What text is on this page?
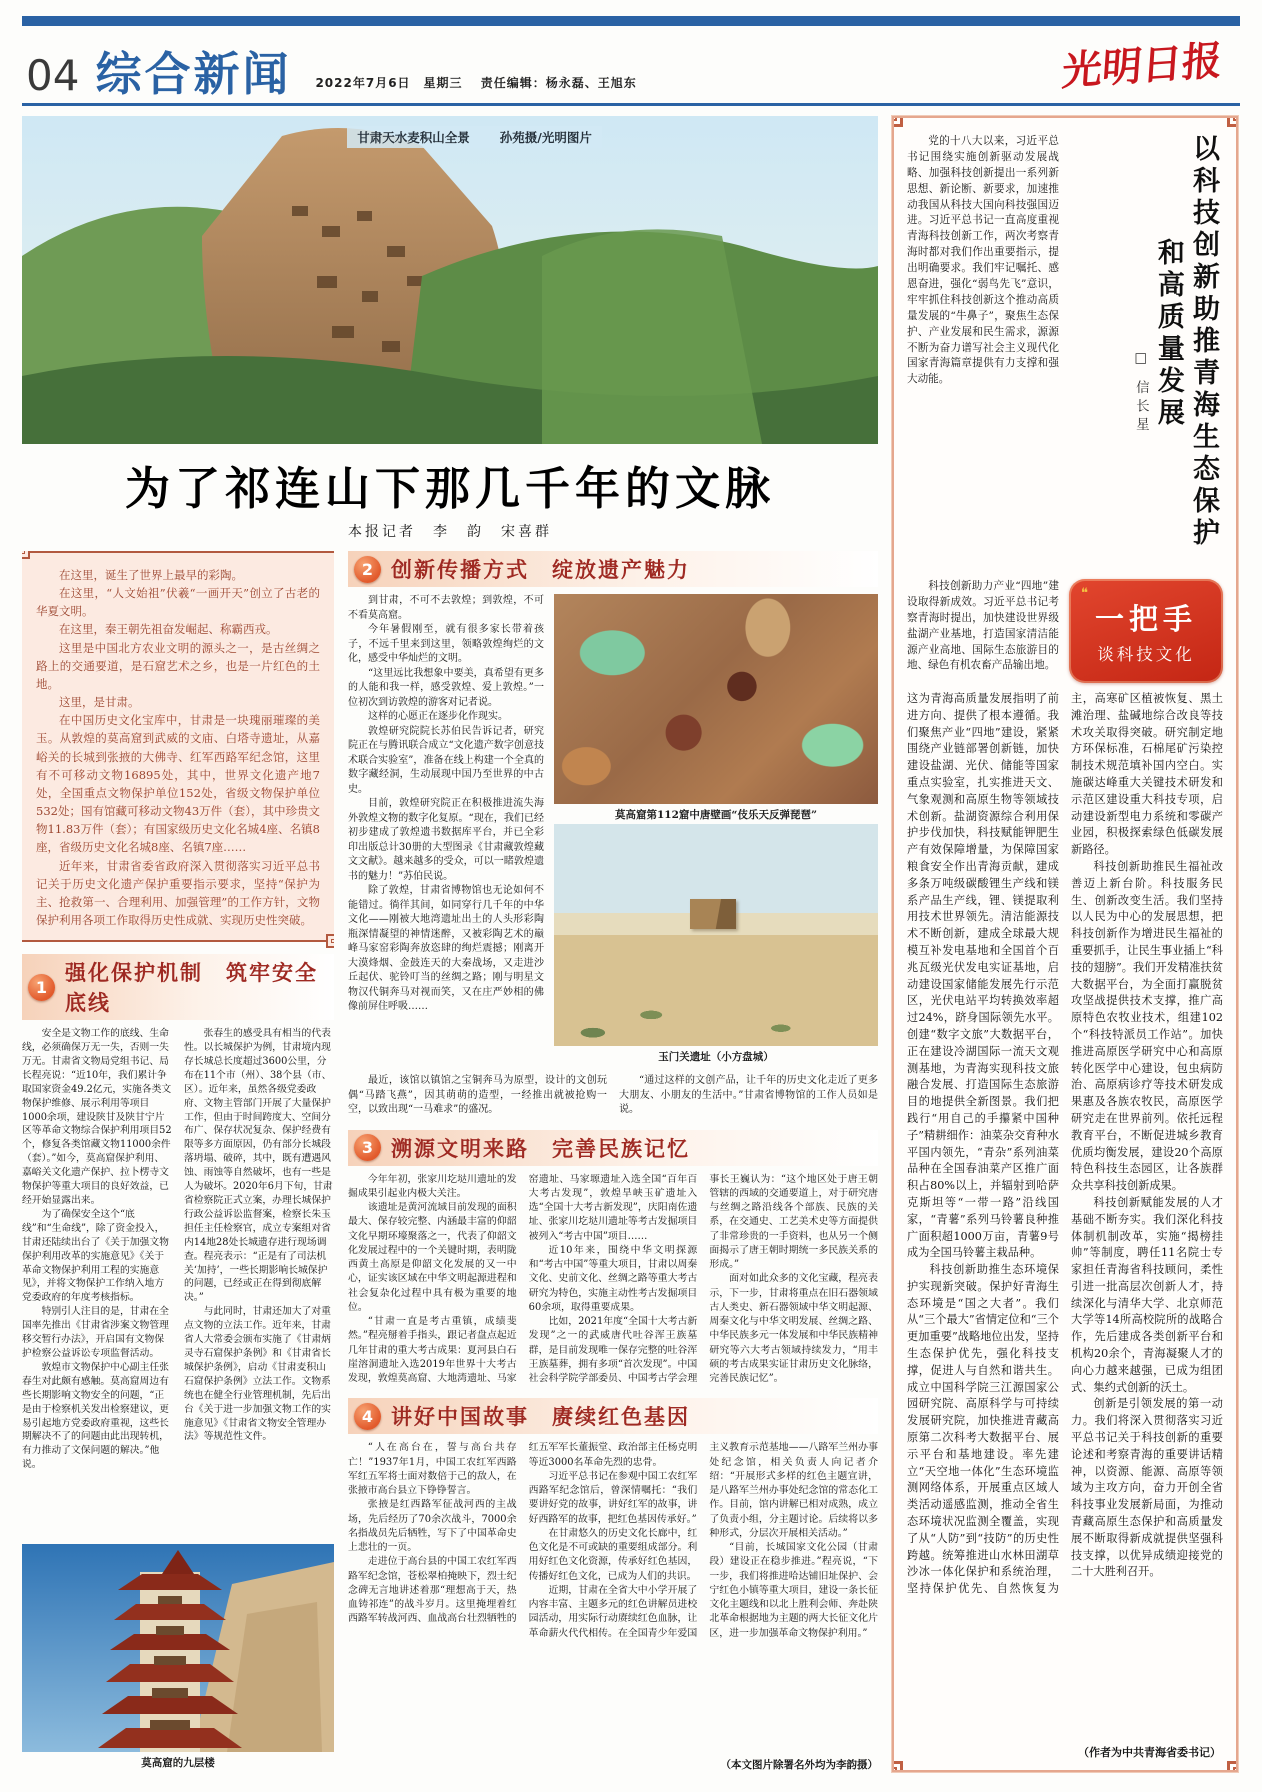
04 综合新闻 2022年7月6日　星期三 　 责任编辑：杨永磊、王旭东	光明日报
甘肃天水麦积山全景 孙苑摄/光明图片
为了祁连山下那几千年的文脉
本报记者　李　韵　宋喜群

在这里，诞生了世界上最早的彩陶。

在这里，“人文始祖”伏羲“一画开天”创立了古老的华夏文明。

在这里，秦王朝先祖奋发崛起、称霸西戎。

这里是中国北方农业文明的源头之一，是古丝绸之路上的交通要道，是石窟艺术之乡，也是一片红色的土地。

这里，是甘肃。

在中国历史文化宝库中，甘肃是一块瑰丽璀璨的美玉。从敦煌的莫高窟到武威的文庙、白塔寺遗址，从嘉峪关的长城到张掖的大佛寺、红军西路军纪念馆，这里有不可移动文物16895处，其中，世界文化遗产地7处，全国重点文物保护单位152处，省级文物保护单位532处；国有馆藏可移动文物43万件（套），其中珍贵文物11.83万件（套）；有国家级历史文化名城4座、名镇8座，省级历史文化名城8座、名镇7座……

近年来，甘肃省委省政府深入贯彻落实习近平总书记关于历史文化遗产保护重要指示要求，坚持“保护为主、抢救第一、合理利用、加强管理”的工作方针，文物保护利用各项工作取得历史性成就、实现历史性突破。

1
强化保护机制　筑牢安全底线

安全是文物工作的底线、生命线，必须确保万无一失，否则一失万无。甘肃省文物局党组书记、局长程亮说：“近10年，我们累计争取国家资金49.2亿元，实施各类文物保护维修、展示利用等项目1000余项，建设陕甘及陕甘宁片区等革命文物综合保护利用项目52个，修复各类馆藏文物11000余件（套）。”如今，莫高窟保护利用、嘉峪关文化遗产保护、拉卜楞寺文物保护等重大项目的良好效益，已经开始显露出来。

为了确保安全这个“底线”和“生命线”，除了资金投入，甘肃还陆续出台了《关于加强文物保护利用改革的实施意见》《关于革命文物保护利用工程的实施意见》，并将文物保护工作纳入地方党委政府的年度考核指标。

特别引人注目的是，甘肃在全国率先推出《甘肃省涉案文物管理移交暂行办法》，开启国有文物保护检察公益诉讼专项监督活动。

敦煌市文物保护中心副主任张春生对此颇有感触。莫高窟周边有些长期影响文物安全的问题，“正是由于检察机关发出检察建议，更易引起地方党委政府重视，这些长期解决不了的问题由此出现转机，有力推动了文保问题的解决。”他说。

张春生的感受具有相当的代表性。以长城保护为例，甘肃境内现存长城总长度超过3600公里，分布在11个市（州）、38个县（市、区）。近年来，虽然各级党委政府、文物主管部门开展了大量保护工作，但由于时间跨度大、空间分布广、保存状况复杂、保护经费有限等多方面原因，仍有部分长城段落坍塌、破碎，其中，既有遭遇风蚀、雨蚀等自然破坏，也有一些是人为破坏。2020年6月下旬，甘肃省检察院正式立案，办理长城保护行政公益诉讼监督案，检察长朱玉担任主任检察官，成立专案组对省内14地28处长城遗存进行现场调查。程亮表示：“正是有了司法机关‘加持’，一些长期影响长城保护的问题，已经或正在得到彻底解决。”

与此同时，甘肃还加大了对重点文物的立法工作。近年来，甘肃省人大常委会颁布实施了《甘肃炳灵寺石窟保护条例》和《甘肃省长城保护条例》，启动《甘肃麦积山石窟保护条例》立法工作。文物系统也在健全行业管理机制，先后出台《关于进一步加强文物工作的实施意见》《甘肃省文物安全管理办法》等规范性文件。

莫高窟的九层楼
2 创新传播方式　绽放遗产魅力

到甘肃，不可不去敦煌；到敦煌，不可不看莫高窟。

今年暑假刚至，就有很多家长带着孩子，不远千里来到这里，领略敦煌绚烂的文化，感受中华灿烂的文明。

“这里远比我想象中要美，真希望有更多的人能和我一样，感受敦煌、爱上敦煌。”一位初次到访敦煌的游客对记者说。

这样的心愿正在逐步化作现实。

敦煌研究院院长苏伯民告诉记者，研究院正在与腾讯联合成立“文化遗产数字创意技术联合实验室”，准备在线上构建一个全真的数字藏经洞，生动展现中国乃至世界的中古史。

目前，敦煌研究院正在积极推进流失海外敦煌文物的数字化复原。“现在，我们已经初步建成了敦煌遗书数据库平台，并已全彩印出版总计30册的大型图录《甘肃藏敦煌藏文文献》。越来越多的受众，可以一睹敦煌遗书的魅力！”苏伯民说。

除了敦煌，甘肃省博物馆也无论如何不能错过。徜徉其间，如同穿行几千年的中华文化——刚被大地湾遗址出土的人头形彩陶瓶深情凝望的神情迷醉，又被彩陶艺术的巅峰马家窑彩陶奔放恣肆的绚烂震撼；刚离开大漠烽烟、金鼓连天的大秦战场，又走进沙丘起伏、驼铃叮当的丝绸之路；刚与明星文物汉代铜奔马对视而笑，又在庄严妙相的佛像前屏住呼吸……

莫高窟第112窟中唐壁画“伎乐天反弹琵琶”
玉门关遗址（小方盘城）

最近，该馆以镇馆之宝铜奔马为原型，设计的文创玩偶“马踏飞燕”，因其萌萌的造型，一经推出就被抢购一空，以致出现“一马难求”的盛况。

“通过这样的文创产品，让千年的历史文化走近了更多大朋友、小朋友的生活中。”甘肃省博物馆的工作人员如是说。

3 溯源文明来路　完善民族记忆

今年年初，张家川圪垯川遗址的发掘成果引起业内极大关注。

该遗址是黄河流域目前发现的面积最大、保存较完整、内涵最丰富的仰韶文化早期环壕聚落之一，代表了仰韶文化发展过程中的一个关键时期，表明陇西黄土高原是仰韶文化发展的又一中心，证实该区域在中华文明起源进程和社会复杂化过程中具有极为重要的地位。

“甘肃一直是考古重镇，成绩斐然。”程亮掰着手指头，跟记者盘点起近几年甘肃的重大考古成果：夏河县白石崖溶洞遗址入选2019年世界十大考古发现，敦煌莫高窟、大地湾遗址、马家窑遗址、马家塬遗址入选全国“百年百大考古发现”，敦煌旱峡玉矿遗址入选“全国十大考古新发现”，庆阳南佐遗址、张家川圪垯川遗址等考古发掘项目被列入“考古中国”项目……

近10年来，围绕中华文明探源和“考古中国”等重大项目，甘肃以周秦文化、史前文化、丝绸之路等重大考古研究为特色，实施主动性考古发掘项目60余项，取得重要成果。

比如，2021年度“全国十大考古新发现”之一的武威唐代吐谷浑王族墓群，是目前发现唯一保存完整的吐谷浑王族墓葬，拥有多项“首次发现”。中国社会科学院学部委员、中国考古学会理事长王巍认为：“这个地区处于唐王朝管辖的西域的交通要道上，对于研究唐与丝绸之路沿线各个部族、民族的关系，在交通史、工艺美术史等方面提供了非常珍贵的一手资料，也从另一个侧面揭示了唐王朝时期统一多民族关系的形成。”

面对如此众多的文化宝藏，程亮表示，下一步，甘肃将重点在旧石器领域古人类史、新石器领域中华文明起源、周秦文化与中华文明发展、丝绸之路、中华民族多元一体发展和中华民族精神研究等六大考古领域持续发力，“用丰硕的考古成果实证甘肃历史文化脉络，完善民族记忆”。

4 讲好中国故事　赓续红色基因

“人在高台在，誓与高台共存亡！”1937年1月，中国工农红军西路军红五军将士面对数倍于己的敌人，在张掖市高台县立下铮铮誓言。

张掖是红西路军征战河西的主战场，先后经历了70余次战斗，7000余名指战员先后牺牲，写下了中国革命史上悲壮的一页。

走进位于高台县的中国工农红军西路军纪念馆，苍松翠柏掩映下，烈士纪念碑无言地讲述着那“理想高于天，热血铸祁连”的战斗岁月。这里掩埋着红西路军转战河西、血战高台壮烈牺牲的红五军军长董振堂、政治部主任杨克明等近3000名革命先烈的忠骨。

习近平总书记在参观中国工农红军西路军纪念馆后，曾深情嘱托：“我们要讲好党的故事，讲好红军的故事，讲好西路军的故事，把红色基因传承好。”

在甘肃悠久的历史文化长廊中，红色文化是不可或缺的重要组成部分。利用好红色文化资源，传承好红色基因，传播好红色文化，已成为人们的共识。

近期，甘肃在全省大中小学开展了内容丰富、主题多元的红色讲解员进校园活动，用实际行动赓续红色血脉，让革命薪火代代相传。在全国青少年爱国主义教育示范基地——八路军兰州办事处纪念馆，相关负责人向记者介绍：“开展形式多样的红色主题宣讲，是八路军兰州办事处纪念馆的常态化工作。目前，馆内讲解已相对成熟，成立了负责小组，分主题讨论。后续将以多种形式，分层次开展相关活动。”

“目前，长城国家文化公园（甘肃段）建设正在稳步推进。”程亮说，“下一步，我们将推进哈达铺旧址保护、会宁红色小镇等重大项目，建设一条长征文化主题线和以北上胜利会师、奔赴陕北革命根据地为主题的两大长征文化片区，进一步加强革命文物保护利用。”

（本文图片除署名外均为李韵摄）

党的十八大以来，习近平总书记围绕实施创新驱动发展战略、加强科技创新提出一系列新思想、新论断、新要求，加速推动我国从科技大国向科技强国迈进。习近平总书记一直高度重视青海科技创新工作，两次考察青海时都对我们作出重要指示，提出明确要求。我们牢记嘱托、感恩奋进，强化“弱鸟先飞”意识，牢牢抓住科技创新这个推动高质量发展的“牛鼻子”，聚焦生态保护、产业发展和民生需求，源源不断为奋力谱写社会主义现代化国家青海篇章提供有力支撑和强大动能。	以科技创新助推青海生态保护
和高质量发展
□ 信长星

科技创新助力产业“四地”建设取得新成效。习近平总书记考察青海时提出，加快建设世界级盐湖产业基地，打造国家清洁能源产业高地、国际生态旅游目的地、绿色有机农畜产品输出地。

❝
一把手
谈科技文化

这为青海高质量发展指明了前进方向、提供了根本遵循。我们聚焦产业“四地”建设，紧紧围绕产业链部署创新链，加快建设盐湖、光伏、储能等国家重点实验室，扎实推进天文、气象观测和高原生物等领域技术创新。盐湖资源综合利用保护步伐加快，科技赋能钾肥生产有效保障增量，为保障国家粮食安全作出青海贡献，建成多条万吨级碳酸锂生产线和镁系产品生产线，锂、镁提取利用技术世界领先。清洁能源技术不断创新，建成全球最大规模互补发电基地和全国首个百兆瓦级光伏发电实证基地，启动建设国家储能发展先行示范区，光伏电站平均转换效率超过24%，跻身国际领先水平。创建“数字文旅”大数据平台，正在建设冷湖国际一流天文观测基地，为青海实现科技文旅融合发展、打造国际生态旅游目的地提供全新图景。我们把践行“用自己的手攥紧中国种子”精耕细作：油菜杂交育种水平国内领先，“青杂”系列油菜品种在全国春油菜产区推广面积占80%以上，并辐射到哈萨克斯坦等“一带一路”沿线国家，“青薯”系列马铃薯良种推广面积超1000万亩，青薯9号成为全国马铃薯主栽品种。

科技创新助推生态环境保护实现新突破。保护好青海生态环境是“国之大者”。我们从“三个最大”省情定位和“三个更加重要”战略地位出发，坚持生态保护优先，强化科技支撑，促进人与自然和谐共生。成立中国科学院三江源国家公园研究院、高原科学与可持续发展研究院，加快推进青藏高原第二次科考大数据平台、展示平台和基地建设。率先建立“天空地一体化”生态环境监测网络体系，开展重点区域人类活动遥感监测，推动全省生态环境状况监测全覆盖，实现了从“人防”到“技防”的历史性跨越。统筹推进山水林田湖草沙冰一体化保护和系统治理，坚持保护优先、自然恢复为主，高寒矿区植被恢复、黑土滩治理、盐碱地综合改良等技术攻关取得突破。研究制定地方环保标准，石棉尾矿污染控制技术规范填补国内空白。实施碳达峰重大关键技术研发和示范区建设重大科技专项，启动建设新型电力系统和零碳产业园，积极探索绿色低碳发展新路径。

科技创新助推民生福祉改善迈上新台阶。科技服务民生、创新改变生活。我们坚持以人民为中心的发展思想，把科技创新作为增进民生福祉的重要抓手，让民生事业插上“科技的翅膀”。我们开发精准扶贫大数据平台，为全面打赢脱贫攻坚战提供技术支撑，推广高原特色农牧业技术，组建102个“科技特派员工作站”。加快推进高原医学研究中心和高原转化医学中心建设，包虫病防治、高原病诊疗等技术研发成果惠及各族农牧民，高原医学研究走在世界前列。依托远程教育平台，不断促进城乡教育优质均衡发展，建设20个高原特色科技生态园区，让各族群众共享科技创新成果。

科技创新赋能发展的人才基础不断夯实。我们深化科技体制机制改革，实施“揭榜挂帅”等制度，聘任11名院士专家担任青海省科技顾问，柔性引进一批高层次创新人才，持续深化与清华大学、北京师范大学等14所高校院所的战略合作，先后建成各类创新平台和机构20余个，青海凝聚人才的向心力越来越强，已成为组团式、集约式创新的沃土。

创新是引领发展的第一动力。我们将深入贯彻落实习近平总书记关于科技创新的重要论述和考察青海的重要讲话精神，以资源、能源、高原等领域为主攻方向，奋力开创全省科技事业发展新局面，为推动青藏高原生态保护和高质量发展不断取得新成就提供坚强科技支撑，以优异成绩迎接党的二十大胜利召开。

（作者为中共青海省委书记）
